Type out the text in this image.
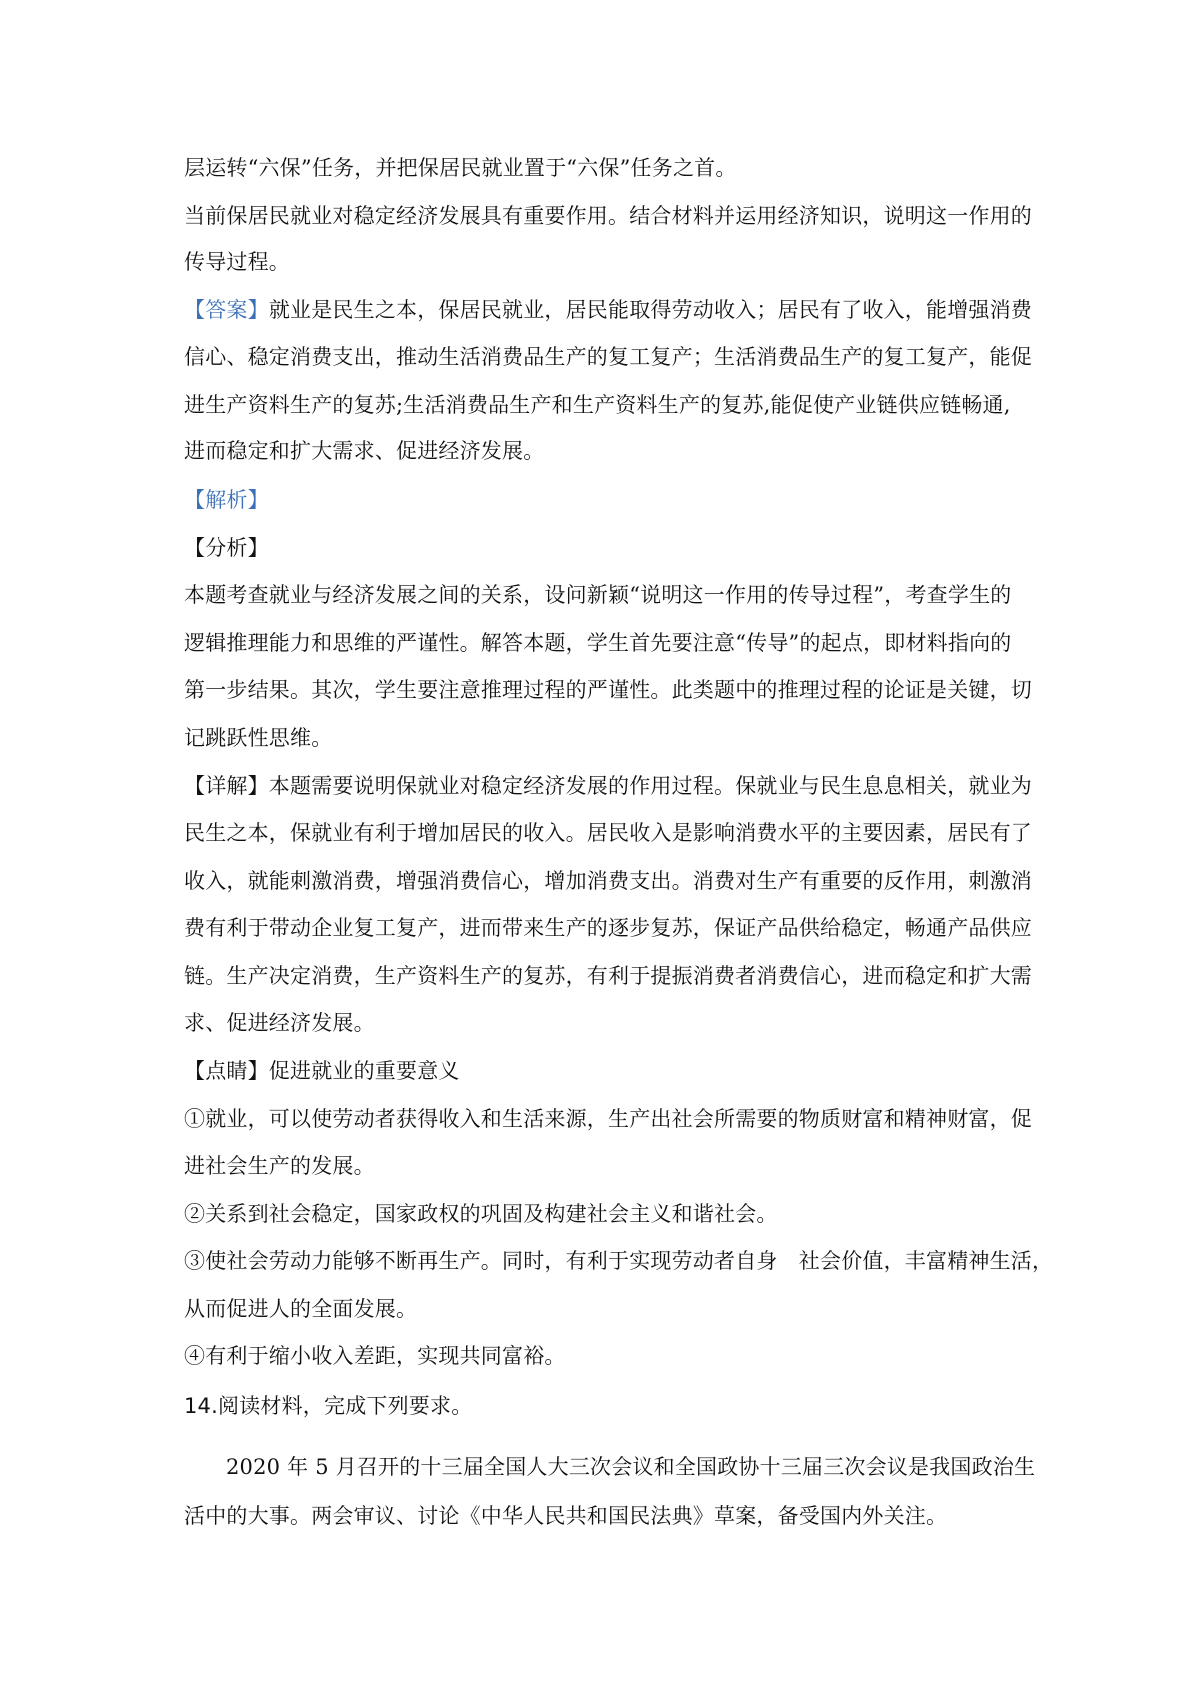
层运转“六保”任务，并把保居民就业置于“六保”任务之首。
当前保居民就业对稳定经济发展具有重要作用。结合材料并运用经济知识，说明这一作用的
传导过程。
【答案】就业是民生之本，保居民就业，居民能取得劳动收入；居民有了收入，能增强消费
信心、稳定消费支出，推动生活消费品生产的复工复产；生活消费品生产的复工复产，能促
进生产资料生产的复苏;生活消费品生产和生产资料生产的复苏,能促使产业链供应链畅通,
进而稳定和扩大需求、促进经济发展。
【解析】
【分析】
本题考查就业与经济发展之间的关系，设问新颖“说明这一作用的传导过程”，考查学生的
逻辑推理能力和思维的严谨性。解答本题，学生首先要注意“传导”的起点，即材料指向的
第一步结果。其次，学生要注意推理过程的严谨性。此类题中的推理过程的论证是关键，切
记跳跃性思维。
【详解】本题需要说明保就业对稳定经济发展的作用过程。保就业与民生息息相关，就业为
民生之本，保就业有利于增加居民的收入。居民收入是影响消费水平的主要因素，居民有了
收入，就能刺激消费，增强消费信心，增加消费支出。消费对生产有重要的反作用，刺激消
费有利于带动企业复工复产，进而带来生产的逐步复苏，保证产品供给稳定，畅通产品供应
链。生产决定消费，生产资料生产的复苏，有利于提振消费者消费信心，进而稳定和扩大需
求、促进经济发展。
【点睛】促进就业的重要意义
①就业，可以使劳动者获得收入和生活来源，生产出社会所需要的物质财富和精神财富，促
进社会生产的发展。
②关系到社会稳定，国家政权的巩固及构建社会主义和谐社会。
③使社会劳动力能够不断再生产。同时，有利于实现劳动者自身　社会价值，丰富精神生活，
从而促进人的全面发展。
④有利于缩小收入差距，实现共同富裕。
14.阅读材料，完成下列要求。
2020 年 5 月召开的十三届全国人大三次会议和全国政协十三届三次会议是我国政治生
活中的大事。两会审议、讨论《中华人民共和国民法典》草案，备受国内外关注。
